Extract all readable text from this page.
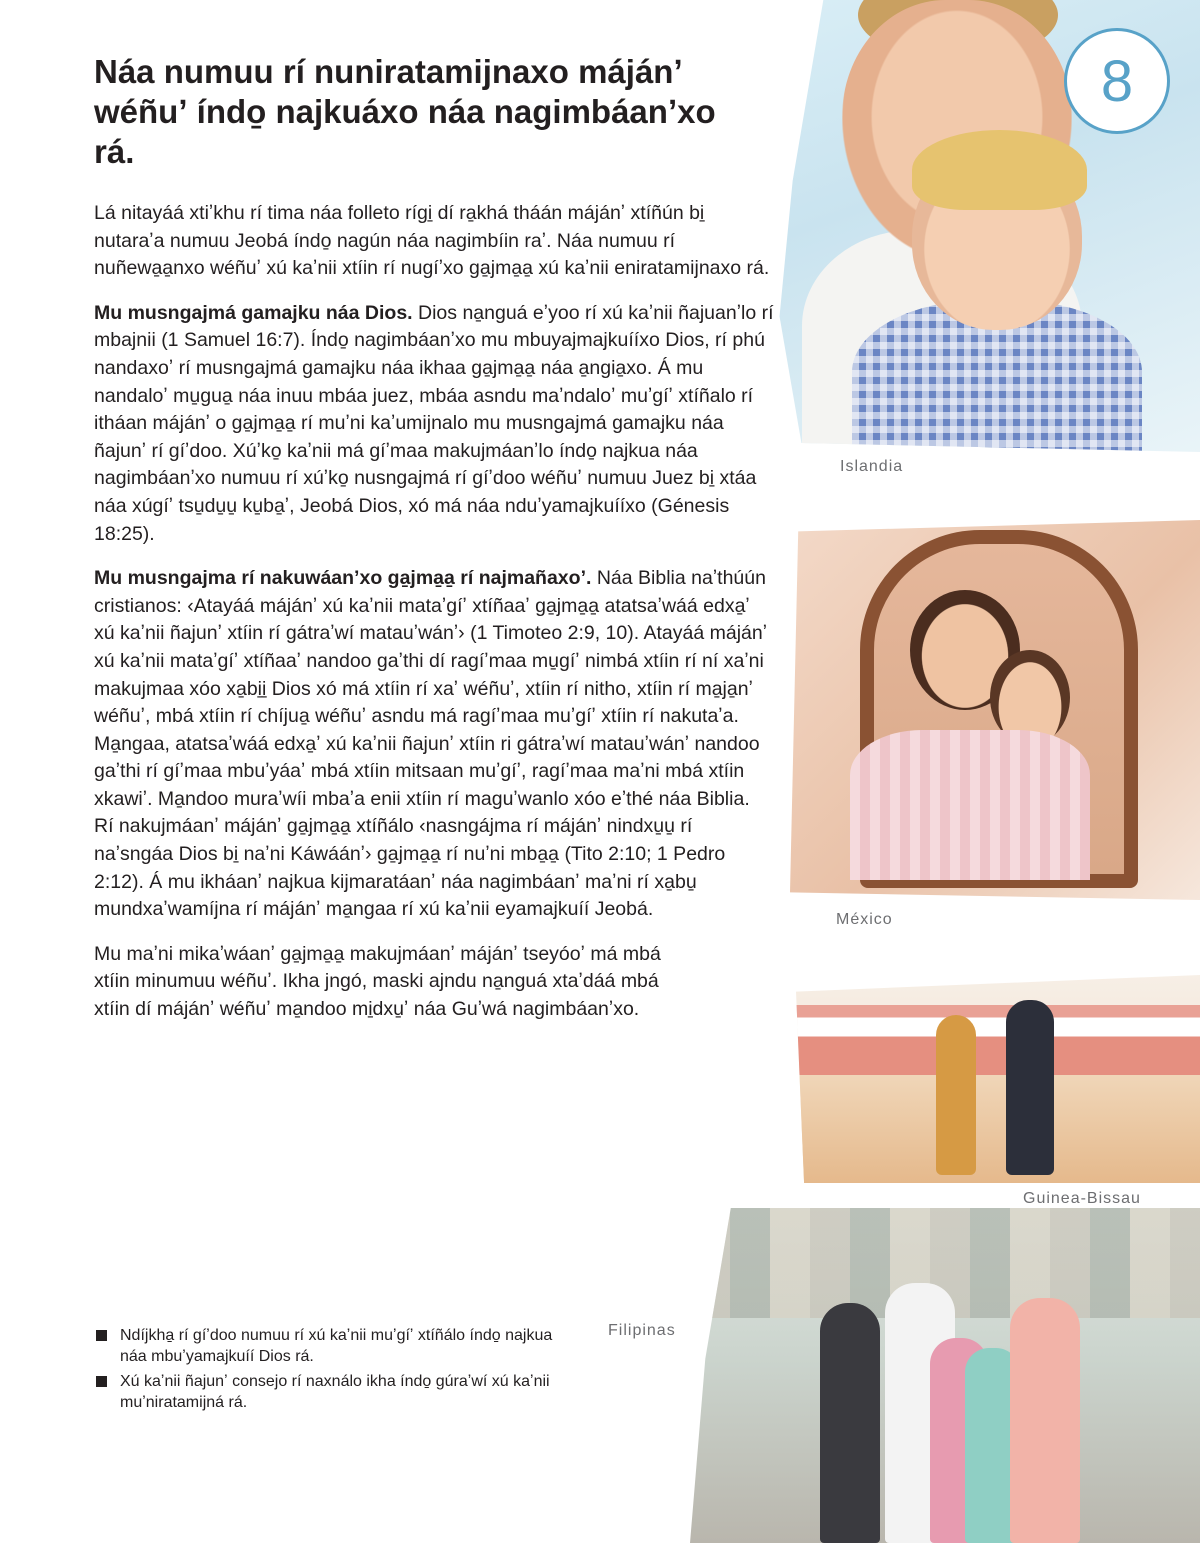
Islandia
México
Guinea-Bissau
Filipinas
8
Náa numuu rí nuniratamijnaxo májánʼ wéñuʼ índo̱ najkuáxo náa nagimbáanʼxo rá.

Lá nitayáá xtiʼkhu rí tima náa folleto rígi̱ dí ra̱khá tháán májánʼ xtíñún bi̱ nutaraʼa numuu Jeobá índo̱ nagún náa nagimbíin raʼ. Náa numuu rí nuñewa̱a̱nxo wéñuʼ xú kaʼnii xtíin rí nugíʼxo ga̱jma̱a̱ xú kaʼnii eniratamijnaxo rá.

Mu musngajmá gamajku náa Dios. Dios na̱nguá eʼyoo rí xú kaʼnii ñajuanʼlo rí mbajnii (1 Samuel 16:7). Índo̱ nagimbáanʼxo mu mbuyajmajkuííxo Dios, rí phú nandaxoʼ rí musngajmá gamajku náa ikhaa ga̱jma̱a̱ náa a̱ngia̱xo. Á mu nandaloʼ mu̱gua̱ náa inuu mbáa juez, mbáa asndu maʼndaloʼ muʼgíʼ xtíñalo rí itháan májánʼ o ga̱jma̱a̱ rí muʼni kaʼumijnalo mu musngajmá gamajku náa ñajunʼ rí gíʼdoo. Xúʼko̱ kaʼnii má gíʼmaa makujmáanʼlo índo̱ najkua náa nagimbáanʼxo numuu rí xúʼko̱ nusngajmá rí gíʼdoo wéñuʼ numuu Juez bi̱ xtáa náa xúgíʼ tsu̱du̱u̱ ku̱ba̱ʼ, Jeobá Dios, xó má náa nduʼyamajkuííxo (Génesis 18:25).

Mu musngajma rí nakuwáanʼxo ga̱jma̱a̱ rí najmañaxoʼ. Náa Biblia naʼthúún cristianos: ‹Atayáá májánʼ xú kaʼnii mataʼgíʼ xtíñaaʼ ga̱jma̱a̱ atatsaʼwáá edxa̱ʼ xú kaʼnii ñajunʼ xtíin rí gátraʼwí matauʼwánʼ› (1 Timoteo 2:9, 10). Atayáá májánʼ xú kaʼnii mataʼgíʼ xtíñaaʼ nandoo gaʼthi dí ragíʼmaa mu̱gíʼ nimbá xtíin rí ní xaʼni makujmaa xóo xa̱bi̱i̱ Dios xó má xtíin rí xaʼ wéñuʼ, xtíin rí nitho, xtíin rí ma̱ja̱nʼ wéñuʼ, mbá xtíin rí chíjua̱ wéñuʼ asndu má ragíʼmaa muʼgíʼ xtíin rí nakutaʼa. Ma̱ngaa, atatsaʼwáá edxa̱ʼ xú kaʼnii ñajunʼ xtíin ri gátraʼwí matauʼwánʼ nandoo gaʼthi rí gíʼmaa mbuʼyáaʼ mbá xtíin mitsaan muʼgíʼ, ragíʼmaa maʼni mbá xtíin xkawiʼ. Ma̱ndoo muraʼwíi mbaʼa enii xtíin rí maguʼwanlo xóo eʼthé náa Biblia. Rí nakujmáanʼ májánʼ ga̱jma̱a̱ xtíñálo ‹nasngájma rí májánʼ nindxu̱u̱ rí naʼsngáa Dios bi̱ naʼni Káwáánʼ› ga̱jma̱a̱ rí nuʼni mba̱a̱ (Tito 2:10; 1 Pedro 2:12). Á mu ikháanʼ najkua kijmaratáanʼ náa nagimbáanʼ maʼni rí xa̱bu̱ mundxaʼwamíjna rí májánʼ ma̱ngaa rí xú kaʼnii eyamajkuíí Jeobá.

Mu maʼni mikaʼwáanʼ ga̱jma̱a̱ makujmáanʼ májánʼ tseyóoʼ má mbá xtíin minumuu wéñuʼ. Ikha jngó, maski ajndu na̱nguá xtaʼdáá mbá xtíin dí májánʼ wéñuʼ ma̱ndoo mi̱dxu̱ʼ náa Guʼwá nagimbáanʼxo.

Ndíjkha̱ rí gíʼdoo numuu rí xú kaʼnii muʼgíʼ xtíñálo índo̱ najkua náa mbuʼyamajkuíí Dios rá.
Xú kaʼnii ñajunʼ consejo rí naxnálo ikha índo̱ gúraʼwí xú kaʼnii muʼniratamijná rá.
